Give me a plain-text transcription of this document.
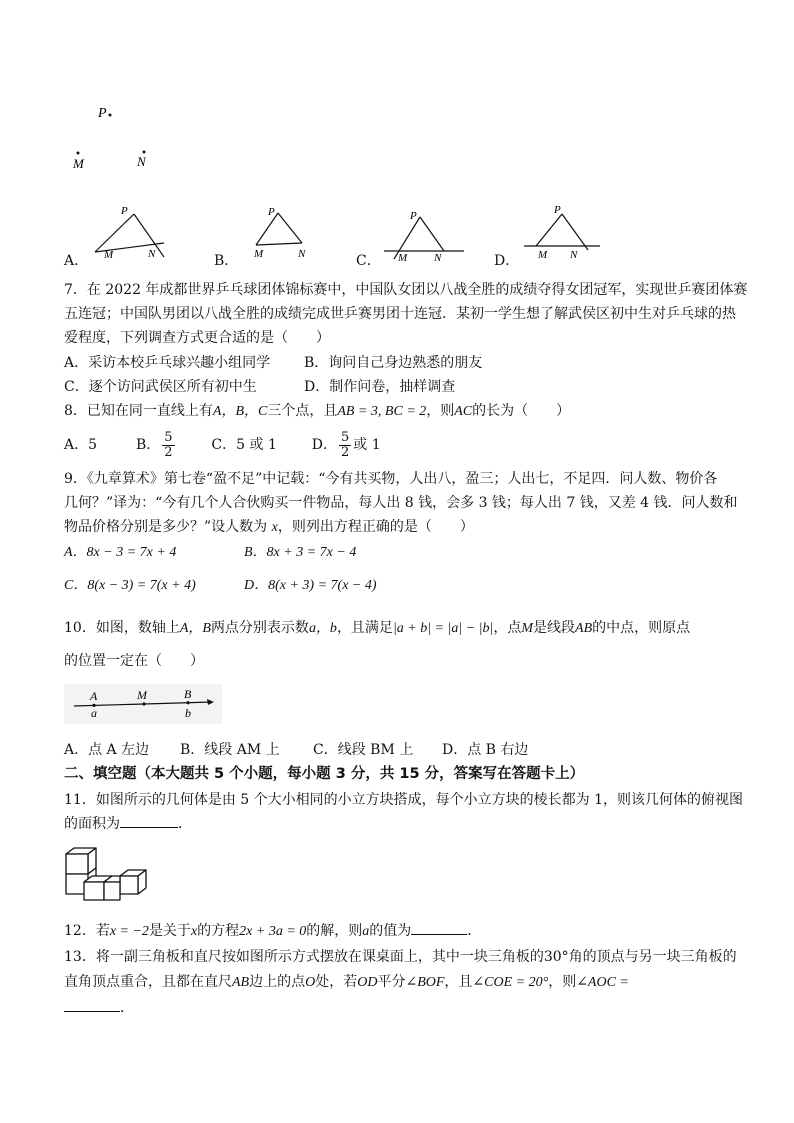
P
M	N
A．
P
M	N	B．
P
M	N	C．
P
M N	D．
P
M N
7．在 2022 年成都世界乒乓球团体锦标赛中，中国队女团以八战全胜的成绩夺得女团冠军，实现世乒赛团体赛
五连冠；中国队男团以八战全胜的成绩完成世乒赛男团十连冠．某初一学生想了解武侯区初中生对乒乓球的热
爱程度，下列调查方式更合适的是（　　）
A．采访本校乒乓球兴趣小组同学 B．询问自己身边熟悉的朋友
C．逐个访问武侯区所有初中生	D．制作问卷，抽样调查
8．已知在同一直线上有A，B，C三个点，且AB = 3, BC = 2，则AC的长为（　　）
A．5	B． $\frac{5}{2}$	C．5 或 1 D． $\frac{5}{2}$ 或 1
9．《九章算术》第七卷“盈不足”中记载：“今有共买物，人出八，盈三；人出七，不足四．问人数、物价各
几何？”译为：“今有几个人合伙购买一件物品，每人出 8 钱，会多 3 钱；每人出 7 钱，又差 4 钱．问人数和
物品价格分别是多少？”设人数为 x，则列出方程正确的是（　　）
A．8x − 3 = 7x + 4	B．8x + 3 = 7x − 4
C．8(x − 3) = 7(x + 4)	D．8(x + 3) = 7(x − 4)
10．如图，数轴上A，B两点分别表示数a，b，且满足|a + b| = |a| − |b|，点M是线段AB的中点，则原点
的位置一定在（　　）
A
a
M	B
b
A．点 A 左边 B．线段 AM 上 C．线段 BM 上 D．点 B 右边
二、填空题（本大题共 5 个小题，每小题 3 分，共 15 分，答案写在答题卡上）
11．如图所示的几何体是由 5 个大小相同的小立方块搭成，每个小立方块的棱长都为 1，则该几何体的俯视图
的面积为	．
12．若x = −2是关于x的方程2x + 3a = 0的解，则a的值为	．
13．将一副三角板和直尺按如图所示方式摆放在课桌面上，其中一块三角板的30°角的顶点与另一块三角板的
直角顶点重合，且都在直尺AB边上的点O处，若OD平分∠BOF，且∠COE = 20°，则∠AOC =
．
